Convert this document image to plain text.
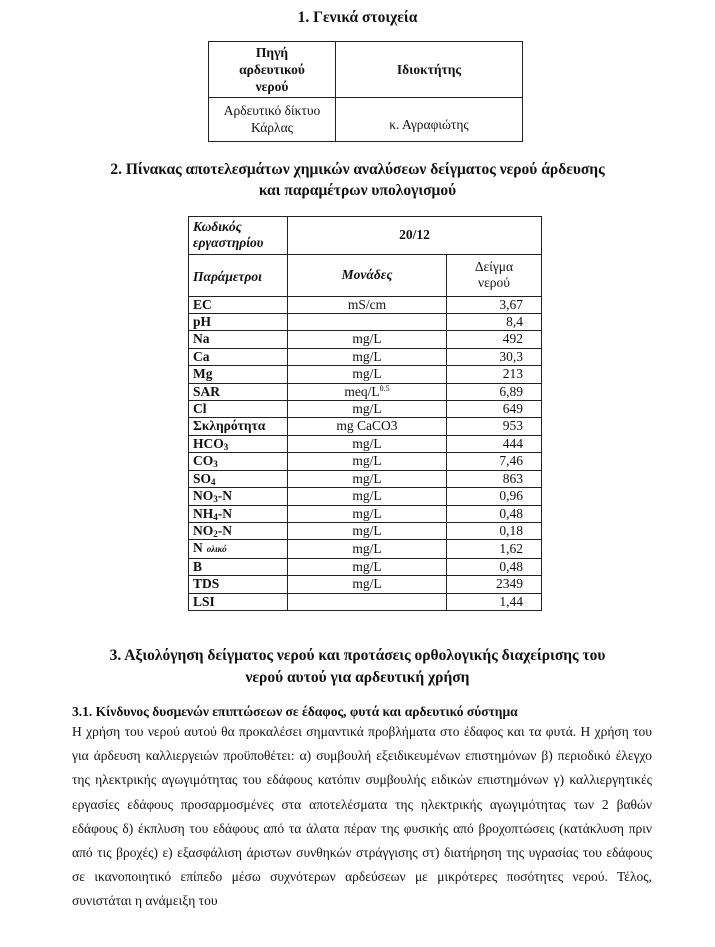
1. Γενικά στοιχεία
Πηγή
αρδευτικού
νερού	Ιδιοκτήτης

Αρδευτικό δίκτυο
Κάρλας	κ. Αγραφιώτης
2. Πίνακας αποτελεσμάτων χημικών αναλύσεων δείγματος νερού άρδευσης
και παραμέτρων υπολογισμού
Κωδικός
εργαστηρίου	20/12	
Παράμετροι	Μονάδες	Δείγμα
νερού

EC	mS/cm	3,67
pH		8,4
Na	mg/L	492
Ca	mg/L	30,3
Mg	mg/L	213
SAR	meq/$L^{0.5}$	6,89
Cl	mg/L	649
Σκληρότητα	mg CaCO3	953
$HCO_3$	mg/L	444
$CO_3$	mg/L	7,46
$SO_4$	mg/L	863
$NO_3-N$	mg/L	0,96
$NH_4-N$	mg/L	0,48
$NO_2-N$	mg/L	0,18
N ολικό	mg/L	1,62
B	mg/L	0,48
TDS	mg/L	2349
LSI		1,44
3. Αξιολόγηση δείγματος νερού και προτάσεις ορθολογικής διαχείρισης του
νερού αυτού για αρδευτική χρήση
3.1. Κίνδυνος δυσμενών επιπτώσεων σε έδαφος, φυτά και αρδευτικό σύστημα
Η χρήση του νερού αυτού θα προκαλέσει σημαντικά προβλήματα στο έδαφος και τα φυτά. Η χρήση του για άρδευση καλλιεργειών προϋποθέτει: α) συμβουλή εξειδικευμένων επιστημόνων β) περιοδικό έλεγχο της ηλεκτρικής αγωγιμότητας του εδάφους κατόπιν συμβουλής ειδικών επιστημόνων γ) καλλιεργητικές εργασίες εδάφους προσαρμοσμένες στα αποτελέσματα της ηλεκτρικής αγωγιμότητας των 2 βαθών εδάφους δ) έκπλυση του εδάφους από τα άλατα πέραν της φυσικής από βροχοπτώσεις (κατάκλυση πριν από τις βροχές) ε) εξασφάλιση άριστων συνθηκών στράγγισης στ) διατήρηση της υγρασίας του εδάφους σε ικανοποιητικό επίπεδο μέσω συχνότερων αρδεύσεων με μικρότερες ποσότητες νερού. Τέλος, συνιστάται η ανάμειξη του
